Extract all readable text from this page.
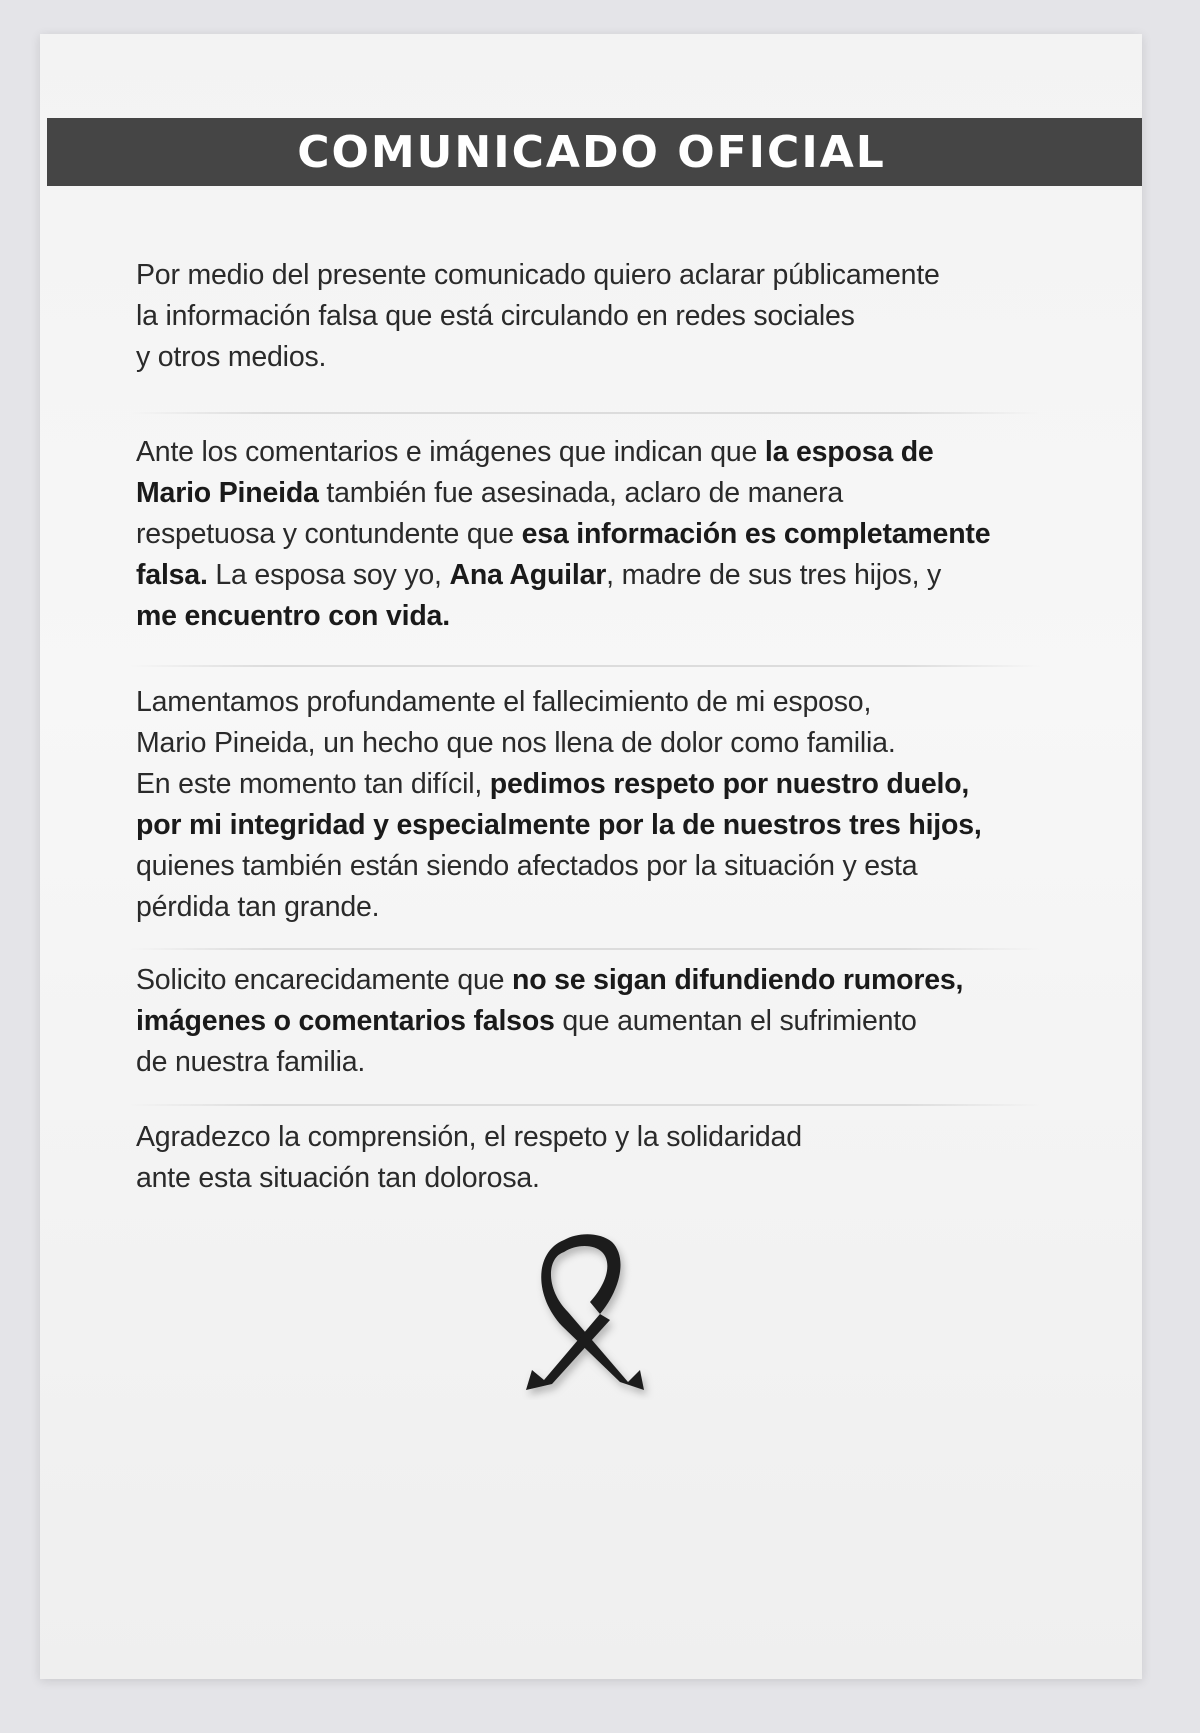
COMUNICADO OFICIAL
Por medio del presente comunicado quiero aclarar públicamente
la información falsa que está circulando en redes sociales
y otros medios.
Ante los comentarios e imágenes que indican que la esposa de
Mario Pineida también fue asesinada, aclaro de manera
respetuosa y contundente que esa información es completamente
falsa. La esposa soy yo, Ana Aguilar, madre de sus tres hijos, y
me encuentro con vida.
Lamentamos profundamente el fallecimiento de mi esposo,
Mario Pineida, un hecho que nos llena de dolor como familia.
En este momento tan difícil, pedimos respeto por nuestro duelo,
por mi integridad y especialmente por la de nuestros tres hijos,
quienes también están siendo afectados por la situación y esta
pérdida tan grande.
Solicito encarecidamente que no se sigan difundiendo rumores,
imágenes o comentarios falsos que aumentan el sufrimiento
de nuestra familia.
Agradezco la comprensión, el respeto y la solidaridad
ante esta situación tan dolorosa.
